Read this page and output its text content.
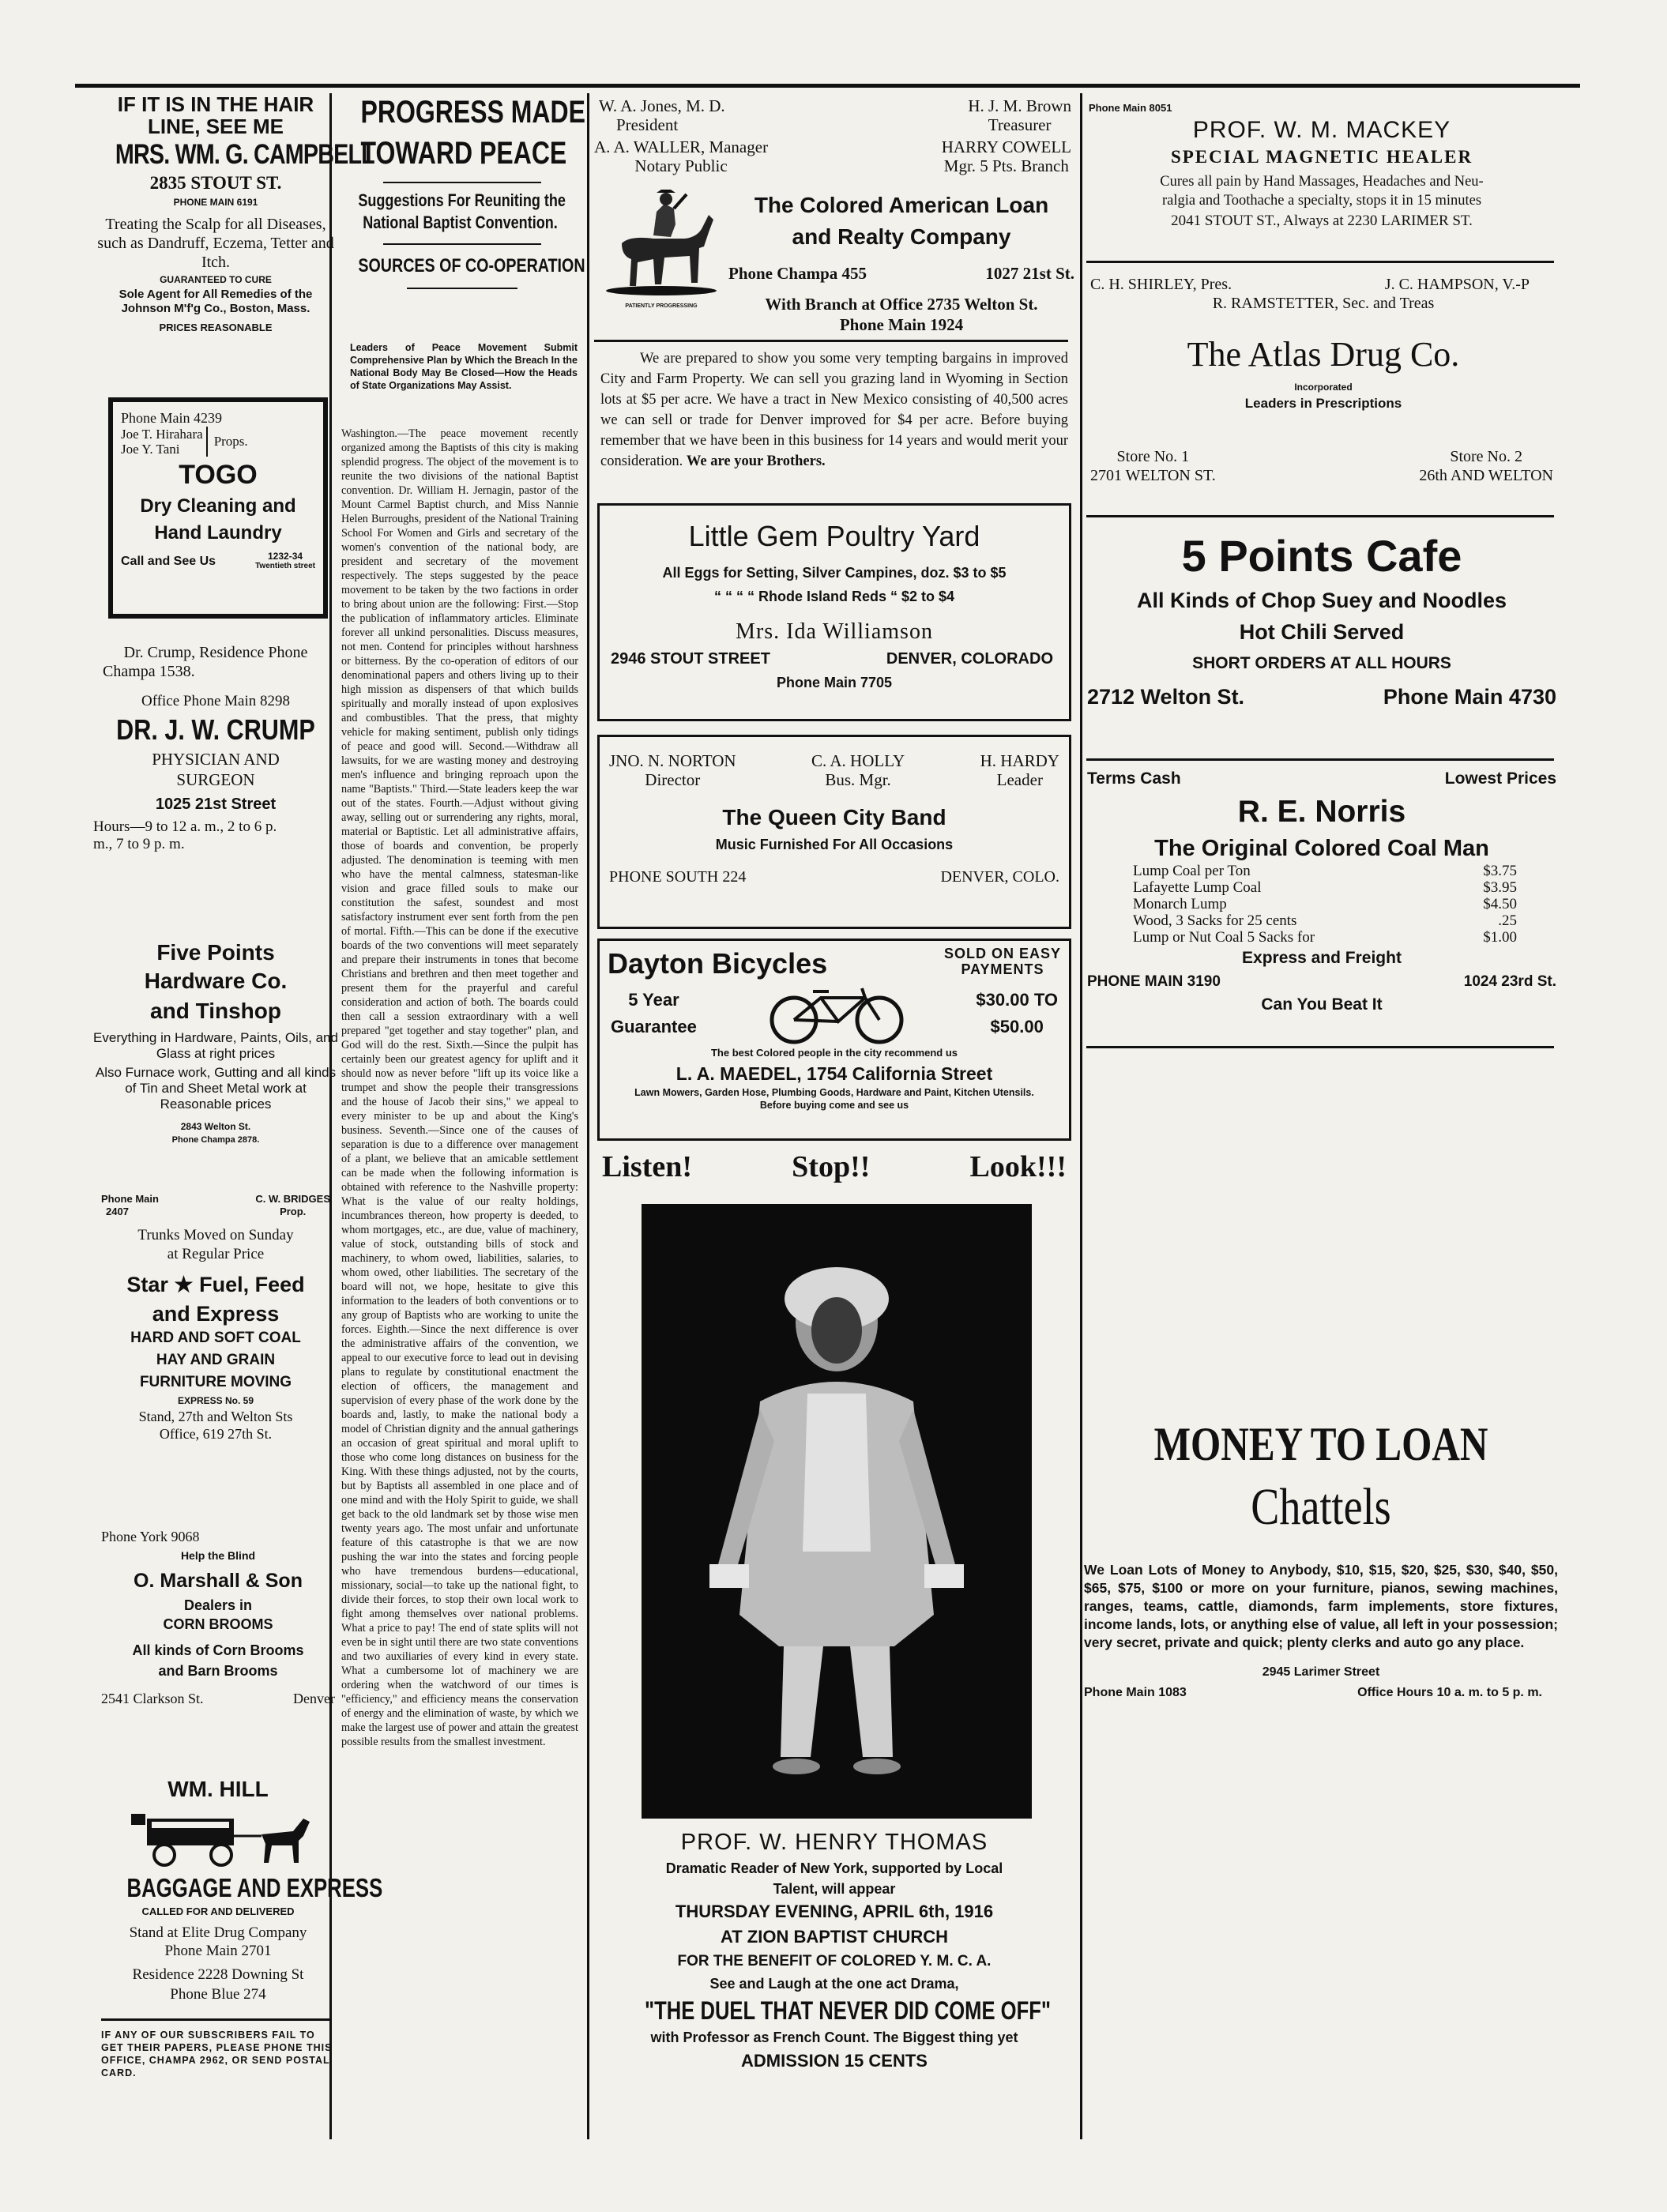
IF IT IS IN THE HAIR
LINE, SEE ME
MRS. WM. G. CAMPBELL
2835 STOUT ST.
PHONE MAIN 6191
Treating the Scalp for all Diseases, such as Dandruff, Eczema, Tetter and Itch.
GUARANTEED TO CURE
Sole Agent for All Remedies of the Johnson M'f'g Co., Boston, Mass.
PRICES REASONABLE
Phone Main 4239
Joe T. Hirahara
Joe Y. Tani
Props.
TOGO
Dry Cleaning and
Hand Laundry
Call and See Us	1232-34
Twentieth street
Dr. Crump, Residence Phone
Champa 1538.
Office Phone Main 8298
DR. J. W. CRUMP
PHYSICIAN AND
SURGEON
1025 21st Street
Hours—9 to 12 a. m., 2 to 6 p.
m., 7 to 9 p. m.
Five Points
Hardware Co.
and Tinshop
Everything in Hardware, Paints, Oils, and Glass at right prices
Also Furnace work, Gutting and all kinds of Tin and Sheet Metal work at Reasonable prices
2843 Welton St.
Phone Champa 2878.
Phone Main
2407
C. W. BRIDGES
Prop.
Trunks Moved on Sunday
at Regular Price
Star ★ Fuel, Feed
and Express
HARD AND SOFT COAL
HAY AND GRAIN
FURNITURE MOVING
EXPRESS No. 59
Stand, 27th and Welton Sts
Office, 619 27th St.
Phone York 9068
Help the Blind
O. Marshall & Son
Dealers in
CORN BROOMS
All kinds of Corn Brooms
and Barn Brooms
2541 Clarkson St.	Denver
WM. HILL
BAGGAGE AND EXPRESS
CALLED FOR AND DELIVERED
Stand at Elite Drug Company
Phone Main 2701
Residence 2228 Downing St
Phone Blue 274
IF ANY OF OUR SUBSCRIBERS FAIL TO GET THEIR PAPERS, PLEASE PHONE THIS OFFICE, CHAMPA 2962, OR SEND POSTAL CARD.
PROGRESS MADE
TOWARD PEACE
Suggestions For Reuniting the
National Baptist Convention.
SOURCES OF CO-OPERATION
Leaders of Peace Movement Submit Comprehensive Plan by Which the Breach In the National Body May Be Closed—How the Heads of State Organizations May Assist.
Washington.—The peace movement recently organized among the Baptists of this city is making splendid progress. The object of the movement is to reunite the two divisions of the national Baptist convention. Dr. William H. Jernagin, pastor of the Mount Carmel Baptist church, and Miss Nannie Helen Burroughs, president of the National Training School For Women and Girls and secretary of the women's convention of the national body, are president and secretary of the movement respectively. The steps suggested by the peace movement to be taken by the two factions in order to bring about union are the following: First.—Stop the publication of inflammatory articles. Eliminate forever all unkind personalities. Discuss measures, not men. Contend for principles without harshness or bitterness. By the co-operation of editors of our denominational papers and others living up to their high mission as dispensers of that which builds spiritually and morally instead of upon explosives and combustibles. That the press, that mighty vehicle for making sentiment, publish only tidings of peace and good will. Second.—Withdraw all lawsuits, for we are wasting money and destroying men's influence and bringing reproach upon the name "Baptists." Third.—State leaders keep the war out of the states. Fourth.—Adjust without giving away, selling out or surrendering any rights, moral, material or Baptistic. Let all administrative affairs, those of boards and convention, be properly adjusted. The denomination is teeming with men who have the mental calmness, statesman-like vision and grace filled souls to make our constitution the safest, soundest and most satisfactory instrument ever sent forth from the pen of mortal. Fifth.—This can be done if the executive boards of the two conventions will meet separately and prepare their instruments in tones that become Christians and brethren and then meet together and present them for the prayerful and careful consideration and action of both. The boards could then call a session extraordinary with a well prepared "get together and stay together" plan, and God will do the rest. Sixth.—Since the pulpit has certainly been our greatest agency for uplift and it should now as never before "lift up its voice like a trumpet and show the people their transgressions and the house of Jacob their sins," we appeal to every minister to be up and about the King's business. Seventh.—Since one of the causes of separation is due to a difference over management of a plant, we believe that an amicable settlement can be made when the following information is obtained with reference to the Nashville property: What is the value of our realty holdings, incumbrances thereon, how property is deeded, to whom mortgages, etc., are due, value of machinery, value of stock, outstanding bills of stock and machinery, to whom owed, liabilities, salaries, to whom owed, other liabilities. The secretary of the board will not, we hope, hesitate to give this information to the leaders of both conventions or to any group of Baptists who are working to unite the forces. Eighth.—Since the next difference is over the administrative affairs of the convention, we appeal to our executive force to lead out in devising plans to regulate by constitutional enactment the election of officers, the management and supervision of every phase of the work done by the boards and, lastly, to make the national body a model of Christian dignity and the annual gatherings an occasion of great spiritual and moral uplift to those who come long distances on business for the King. With these things adjusted, not by the courts, but by Baptists all assembled in one place and of one mind and with the Holy Spirit to guide, we shall get back to the old landmark set by those wise men twenty years ago. The most unfair and unfortunate feature of this catastrophe is that we are now pushing the war into the states and forcing people who have tremendous burdens—educational, missionary, social—to take up the national fight, to divide their forces, to stop their own local work to fight among themselves over national problems. What a price to pay! The end of state splits will not even be in sight until there are two state conventions and two auxiliaries of every kind in every state. What a cumbersome lot of machinery we are ordering when the watchword of our times is "efficiency," and efficiency means the conservation of energy and the elimination of waste, by which we make the largest use of power and attain the greatest possible results from the smallest investment.
W. A. Jones, M. D.
President
H. J. M. Brown
Treasurer
A. A. WALLER, Manager
Notary Public
HARRY COWELL
Mgr. 5 Pts. Branch
PATIENTLY PROGRESSING
The Colored American Loan
and Realty Company
Phone Champa 455	1027 21st St.
With Branch at Office 2735 Welton St.
Phone Main 1924
We are prepared to show you some very tempting bargains in improved City and Farm Property. We can sell you grazing land in Wyoming in Section lots at $5 per acre. We have a tract in New Mexico consisting of 40,500 acres we can sell or trade for Denver improved for $4 per acre. Before buying remember that we have been in this business for 14 years and would merit your consideration. We are your Brothers.
Little Gem Poultry Yard
All Eggs for Setting, Silver Campines, doz. $3 to $5
“ “ “ “ Rhode Island Reds “ $2 to $4
Mrs. Ida Williamson
2946 STOUT STREET	DENVER, COLORADO
Phone Main 7705
JNO. N. NORTON
Director
C. A. HOLLY
Bus. Mgr.
H. HARDY
Leader
The Queen City Band
Music Furnished For All Occasions
PHONE SOUTH 224	DENVER, COLO.
Dayton Bicycles	SOLD ON EASY
PAYMENTS
5 Year
Guarantee
$30.00 TO
$50.00
The best Colored people in the city recommend us
L. A. MAEDEL, 1754 California Street
Lawn Mowers, Garden Hose, Plumbing Goods, Hardware and Paint, Kitchen Utensils. Before buying come and see us
Listen!	Stop!!	Look!!!
PROF. W. HENRY THOMAS
Dramatic Reader of New York, supported by Local
Talent, will appear
THURSDAY EVENING, APRIL 6th, 1916
AT ZION BAPTIST CHURCH
FOR THE BENEFIT OF COLORED Y. M. C. A.
See and Laugh at the one act Drama,
"THE DUEL THAT NEVER DID COME OFF"
with Professor as French Count. The Biggest thing yet
ADMISSION 15 CENTS
Phone Main 8051
PROF. W. M. MACKEY
SPECIAL MAGNETIC HEALER
Cures all pain by Hand Massages, Headaches and Neu-
ralgia and Toothache a specialty, stops it in 15 minutes
2041 STOUT ST., Always at 2230 LARIMER ST.
C. H. SHIRLEY, Pres.	J. C. HAMPSON, V.-P
R. RAMSTETTER, Sec. and Treas
The Atlas Drug Co.
Incorporated
Leaders in Prescriptions
Store No. 1
2701 WELTON ST.
Store No. 2
26th AND WELTON
5 Points Cafe
All Kinds of Chop Suey and Noodles
Hot Chili Served
SHORT ORDERS AT ALL HOURS
2712 Welton St.	Phone Main 4730
Terms Cash	Lowest Prices
R. E. Norris
The Original Colored Coal Man
Lump Coal per Ton	$3.75
Lafayette Lump Coal	$3.95
Monarch Lump	$4.50
Wood, 3 Sacks for 25 cents	.25
Lump or Nut Coal 5 Sacks for	$1.00
Express and Freight
PHONE MAIN 3190	1024 23rd St.
Can You Beat It
MONEY TO LOAN
Chattels
We Loan Lots of Money to Anybody, $10, $15, $20, $25, $30, $40, $50, $65, $75, $100 or more on your furniture, pianos, sewing machines, ranges, teams, cattle, diamonds, farm implements, store fixtures, income lands, lots, or anything else of value, all left in your possession; very secret, private and quick; plenty clerks and auto go any place.
2945 Larimer Street
Phone Main 1083	Office Hours 10 a. m. to 5 p. m.
